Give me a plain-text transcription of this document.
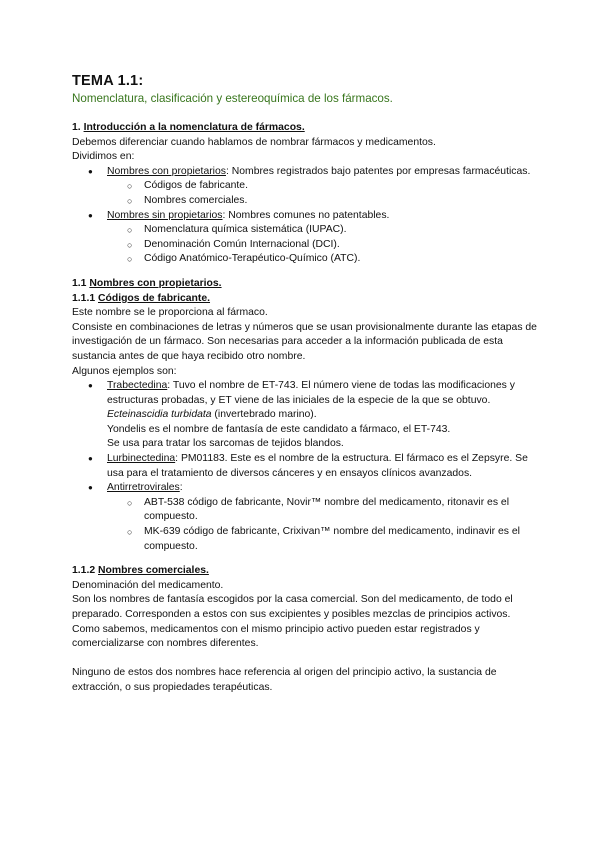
TEMA 1.1:
Nomenclatura, clasificación y estereoquímica de los fármacos.

1. Introducción a la nomenclatura de fármacos.

Debemos diferenciar cuando hablamos de nombrar fármacos y medicamentos.

Dividimos en:

● Nombres con propietarios: Nombres registrados bajo patentes por empresas farmacéuticas.
○ Códigos de fabricante.
○ Nombres comerciales.
● Nombres sin propietarios: Nombres comunes no patentables.
○ Nomenclatura química sistemática (IUPAC).
○ Denominación Común Internacional (DCI).
○ Código Anatómico-Terapéutico-Químico (ATC).

1.1 Nombres con propietarios.

1.1.1 Códigos de fabricante.

Este nombre se le proporciona al fármaco.

Consiste en combinaciones de letras y números que se usan provisionalmente durante las etapas de investigación de un fármaco. Son necesarias para acceder a la información publicada de esta sustancia antes de que haya recibido otro nombre.

Algunos ejemplos son:

● Trabectedina: Tuvo el nombre de ET-743. El número viene de todas las modificaciones y estructuras probadas, y ET viene de las iniciales de la especie de la que se obtuvo. Ecteinascidia turbidata (invertebrado marino).
Yondelis es el nombre de fantasía de este candidato a fármaco, el ET-743.
Se usa para tratar los sarcomas de tejidos blandos.
● Lurbinectedina: PM01183. Este es el nombre de la estructura. El fármaco es el Zepsyre. Se usa para el tratamiento de diversos cánceres y en ensayos clínicos avanzados.
● Antirretrovirales:
○ ABT-538 código de fabricante, Novir™ nombre del medicamento, ritonavir es el compuesto.
○ MK-639 código de fabricante, Crixivan™ nombre del medicamento, indinavir es el compuesto.

1.1.2 Nombres comerciales.

Denominación del medicamento.

Son los nombres de fantasía escogidos por la casa comercial. Son del medicamento, de todo el preparado. Corresponden a estos con sus excipientes y posibles mezclas de principios activos.

Como sabemos, medicamentos con el mismo principio activo pueden estar registrados y comercializarse con nombres diferentes.

Ninguno de estos dos nombres hace referencia al origen del principio activo, la sustancia de extracción, o sus propiedades terapéuticas.
